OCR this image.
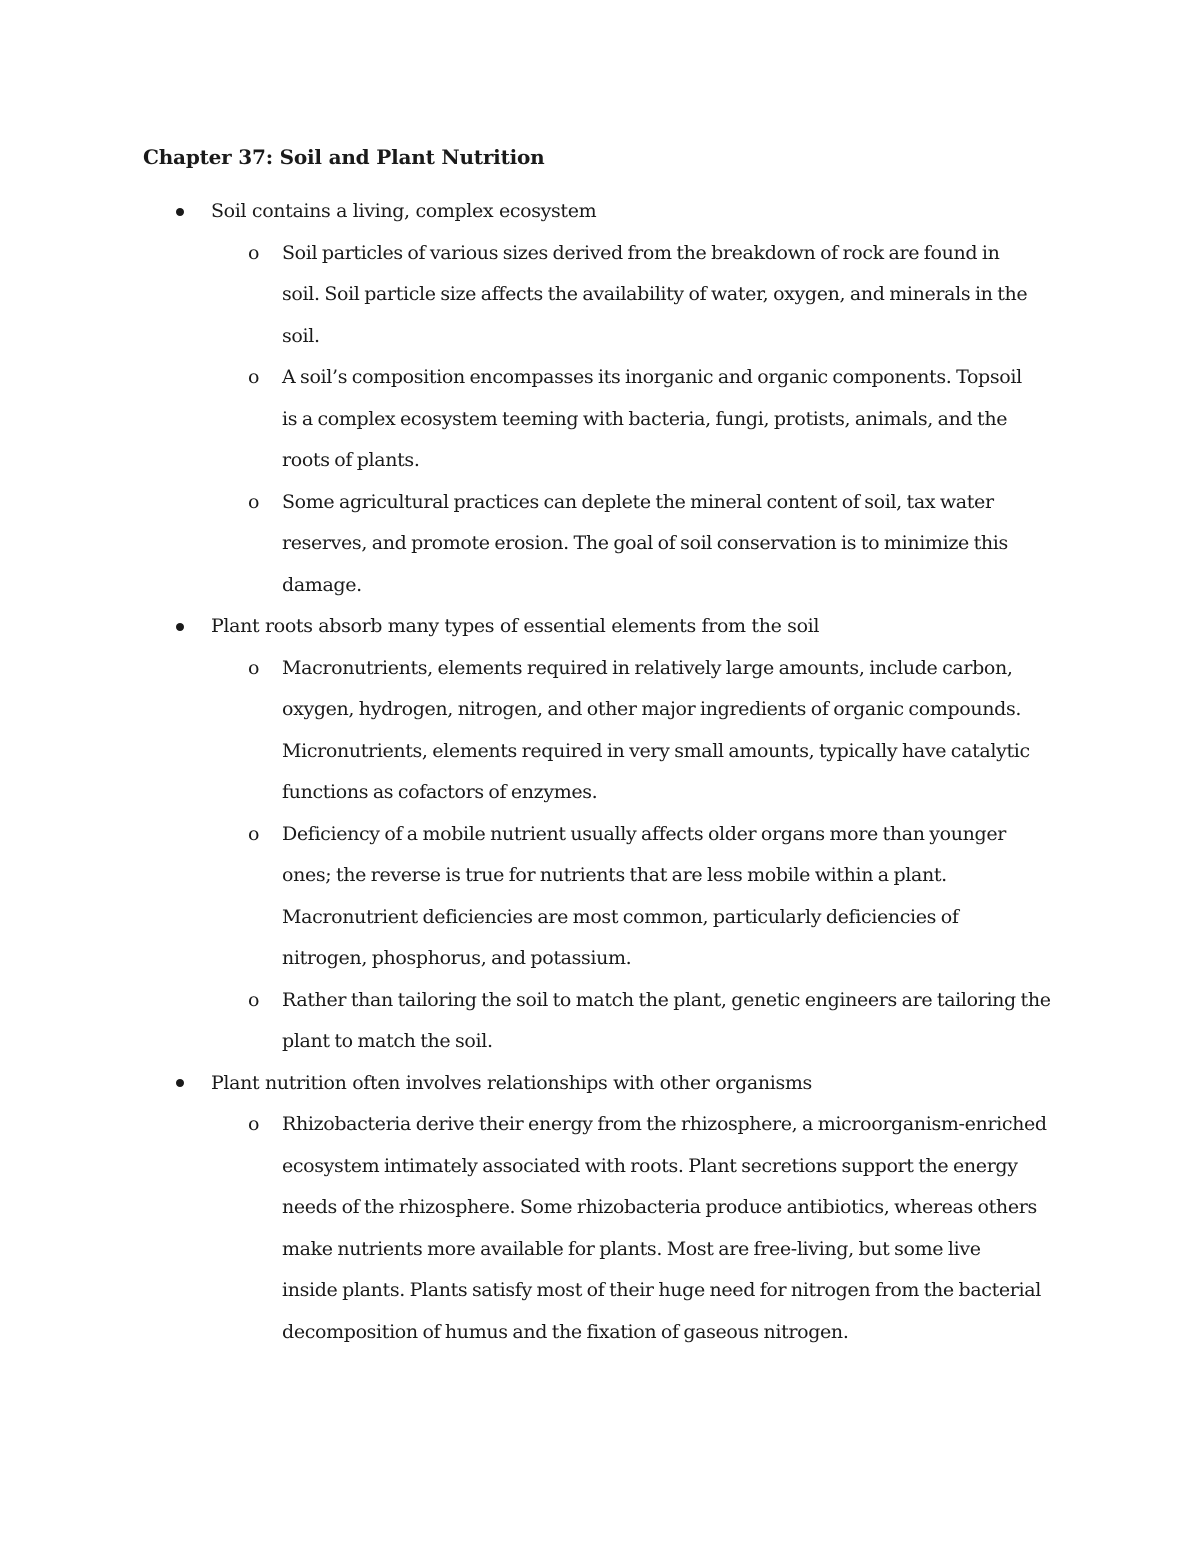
Chapter 37: Soil and Plant Nutrition
Soil contains a living, complex ecosystem
o Soil particles of various sizes derived from the breakdown of rock are found in
soil. Soil particle size affects the availability of water, oxygen, and minerals in the
soil.
o A soil’s composition encompasses its inorganic and organic components. Topsoil
is a complex ecosystem teeming with bacteria, fungi, protists, animals, and the
roots of plants.
o Some agricultural practices can deplete the mineral content of soil, tax water
reserves, and promote erosion. The goal of soil conservation is to minimize this
damage.
Plant roots absorb many types of essential elements from the soil
o Macronutrients, elements required in relatively large amounts, include carbon,
oxygen, hydrogen, nitrogen, and other major ingredients of organic compounds.
Micronutrients, elements required in very small amounts, typically have catalytic
functions as cofactors of enzymes.
o Deficiency of a mobile nutrient usually affects older organs more than younger
ones; the reverse is true for nutrients that are less mobile within a plant.
Macronutrient deficiencies are most common, particularly deficiencies of
nitrogen, phosphorus, and potassium.
o Rather than tailoring the soil to match the plant, genetic engineers are tailoring the
plant to match the soil.
Plant nutrition often involves relationships with other organisms
o Rhizobacteria derive their energy from the rhizosphere, a microorganism-enriched
ecosystem intimately associated with roots. Plant secretions support the energy
needs of the rhizosphere. Some rhizobacteria produce antibiotics, whereas others
make nutrients more available for plants. Most are free-living, but some live
inside plants. Plants satisfy most of their huge need for nitrogen from the bacterial
decomposition of humus and the fixation of gaseous nitrogen.
